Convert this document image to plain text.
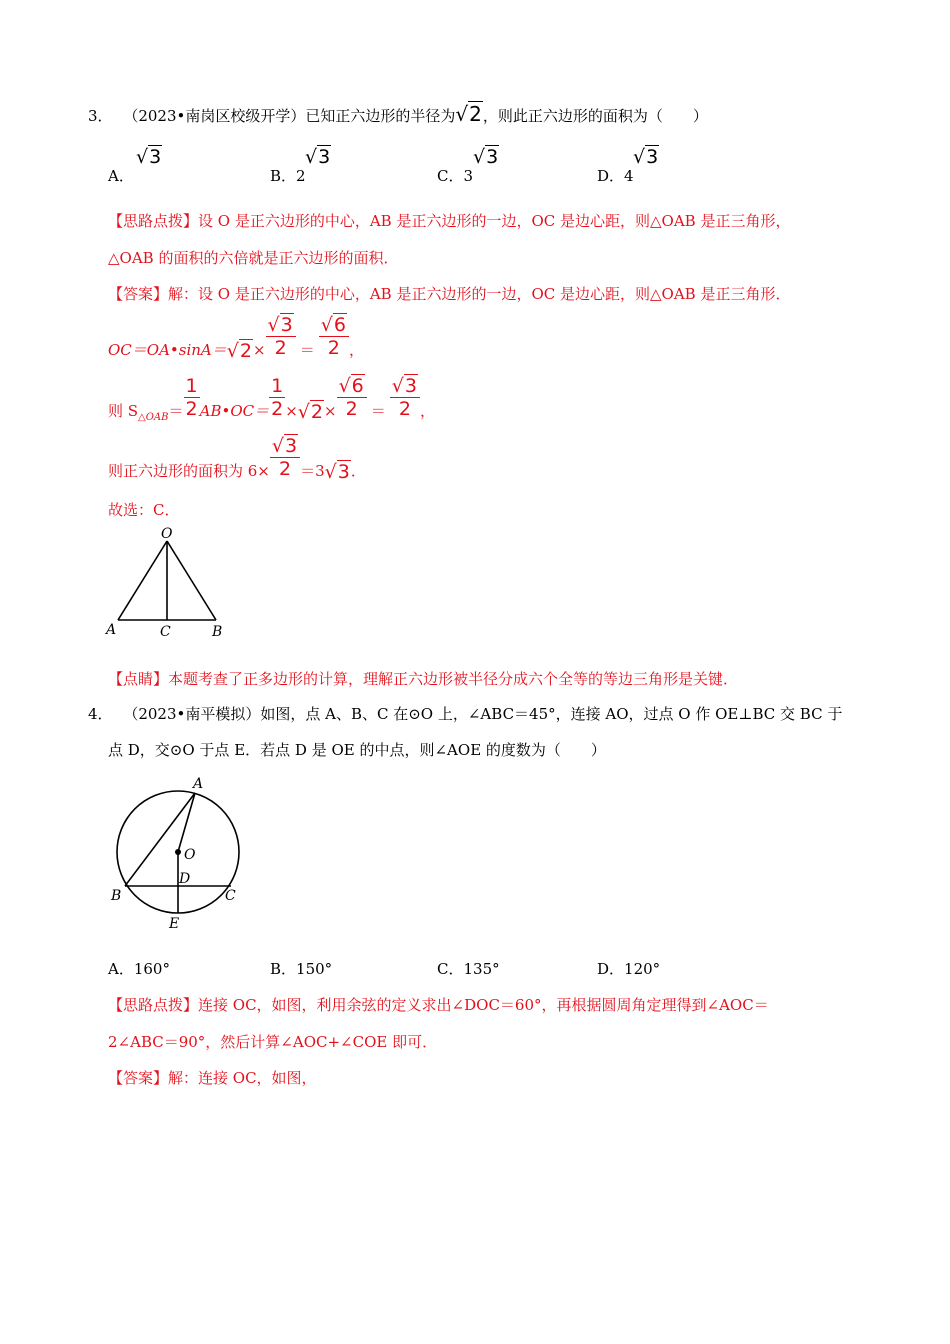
3． （2023•南岗区校级开学）已知正六边形的半径为√2，则此正六边形的面积为（　　）
A．
√3
B．2
√3
C．3
√3
D．4
√3
【思路点拨】设 O 是正六边形的中心，AB 是正六边形的一边，OC 是边心距，则△OAB 是正三角形，
△OAB 的面积的六倍就是正六边形的面积．
【答案】解：设 O 是正六边形的中心，AB 是正六边形的一边，OC 是边心距，则△OAB 是正三角形．
OC＝OA•sinA＝ $√2 \times \frac{√3}{2} = \frac{√6}{2}$ ，
则 S △OAB ＝ $\frac{1}{2}$ AB•OC＝ $\frac{1}{2} \times √2 \times \frac{√6}{2} = \frac{√3}{2}$ ，
则正六边形的面积为 $6\times \frac{√3}{2} =3$ √3 ．
故选：C．
O
A	C	B
【点睛】本题考查了正多边形的计算，理解正六边形被半径分成六个全等的等边三角形是关键．
4． （2023•南平模拟）如图，点 A、B、C 在⊙O 上，∠ABC＝45°，连接 AO，过点 O 作 OE⊥BC 交 BC 于
点 D，交⊙O 于点 E．若点 D 是 OE 的中点，则∠AOE 的度数为（　　）
A
O
D
B	C
E
A．160°	B．150°	C．135°	D．120°
【思路点拨】连接 OC，如图，利用余弦的定义求出∠DOC＝60°，再根据圆周角定理得到∠AOC＝
2∠ABC＝90°，然后计算∠AOC+∠COE 即可．
【答案】解：连接 OC，如图，
